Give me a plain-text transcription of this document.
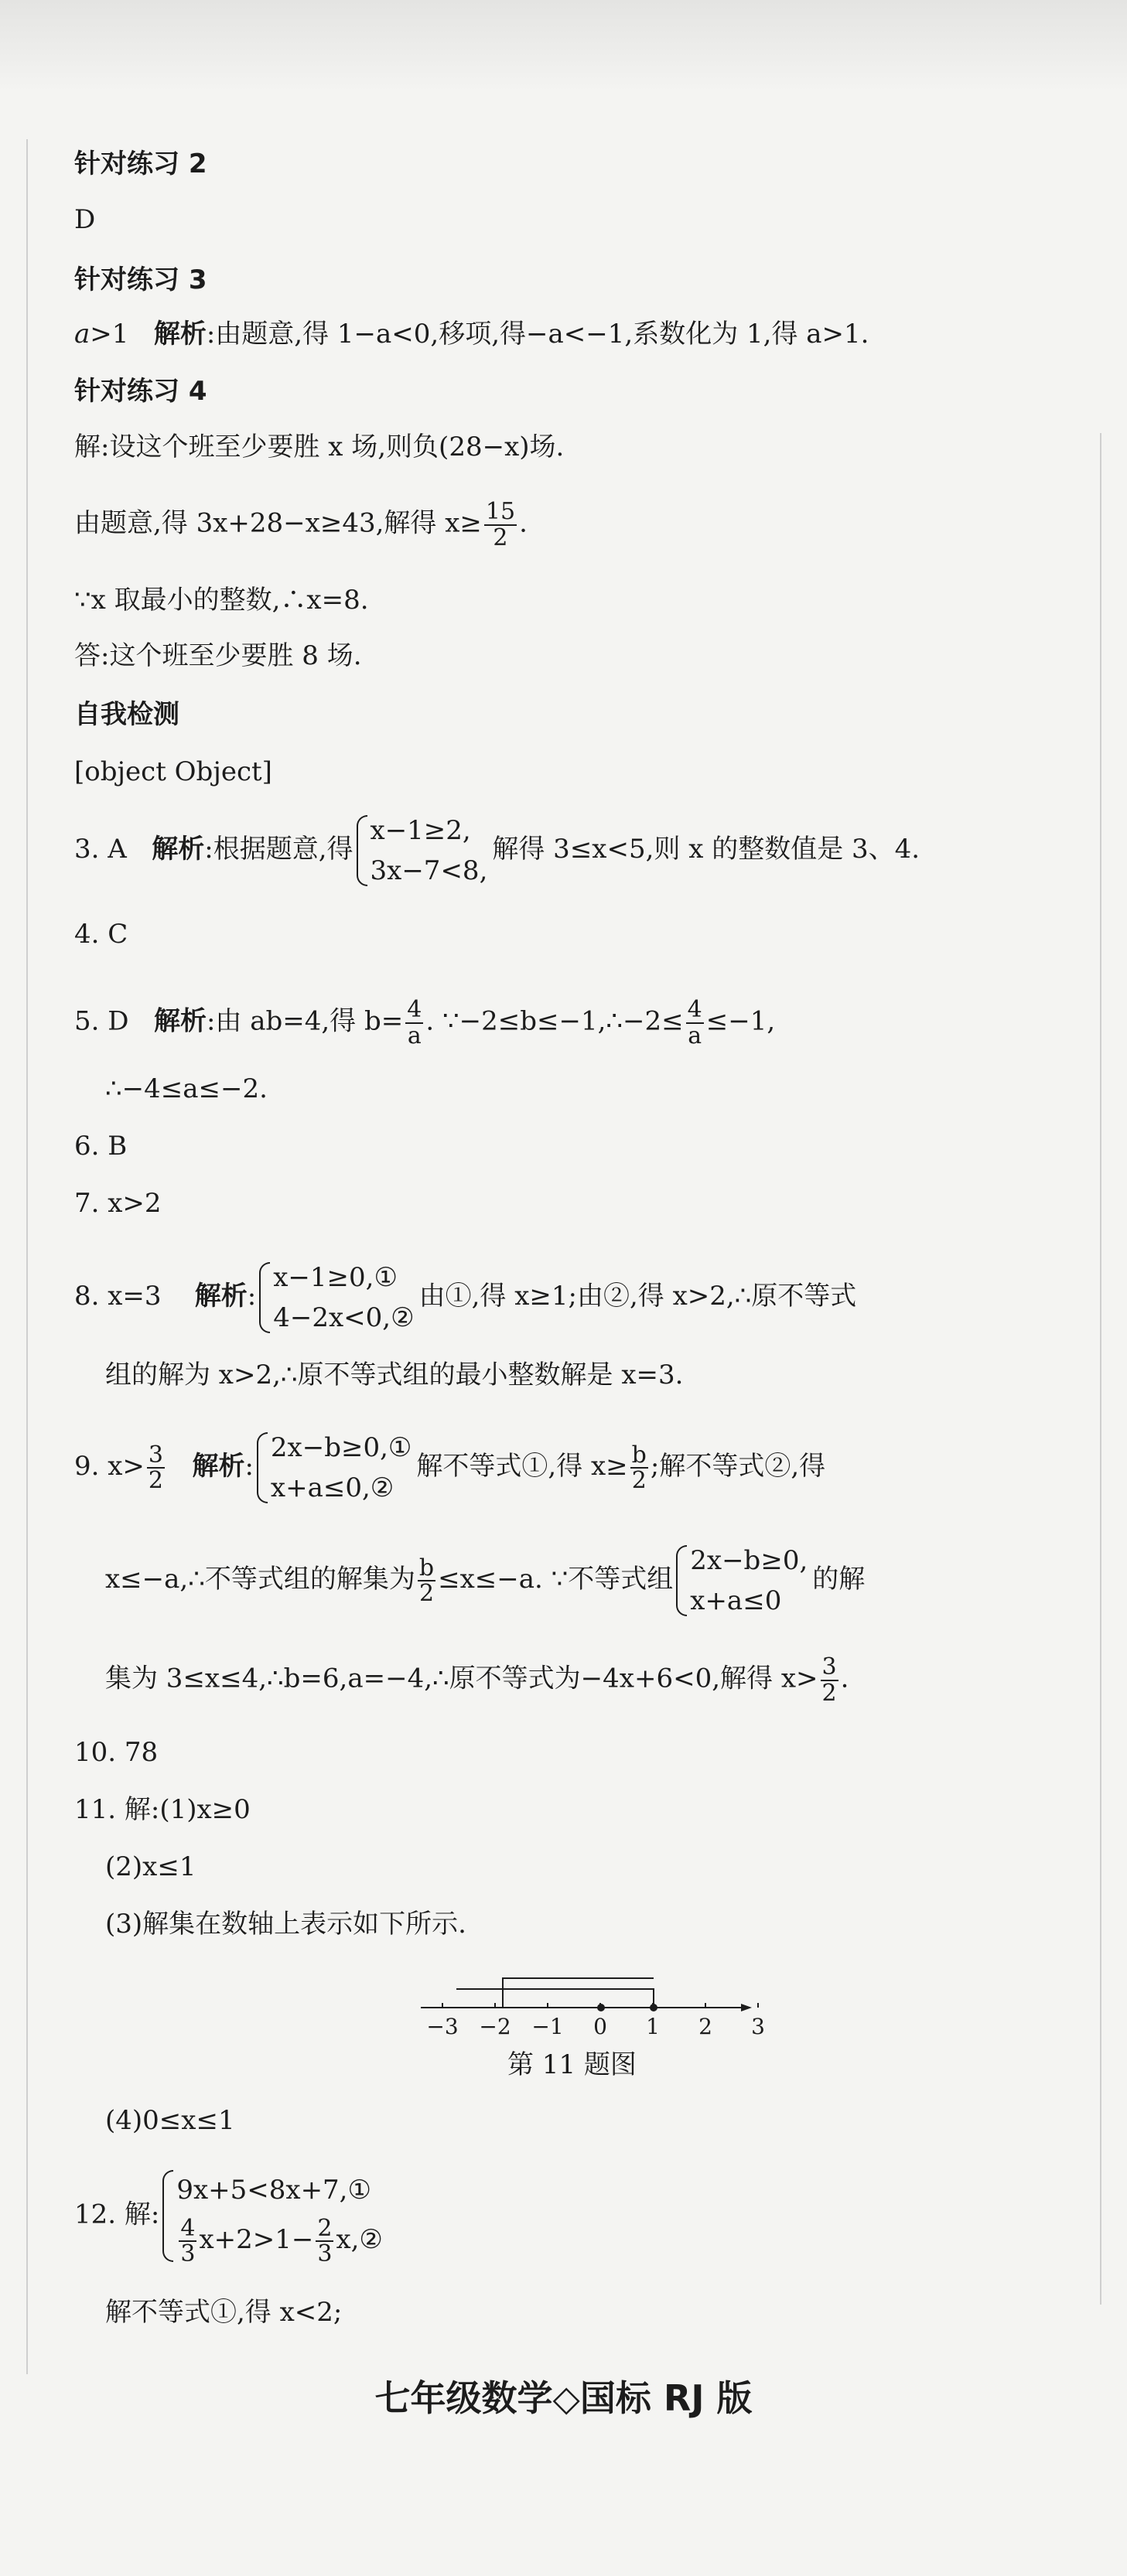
针对练习 2
D
针对练习 3
a>1 解析:由题意,得 1−a<0,移项,得−a<−1,系数化为 1,得 a>1.
针对练习 4
解:设这个班至少要胜 x 场,则负(28−x)场.
由题意,得 3x+28−x≥43,解得 $x\ge \frac{15}{2}$ .
∵x 取最小的整数,∴x=8.
答:这个班至少要胜 8 场.
自我检测
[object Object]
3. A 解析:根据题意,得
x−1≥2,
3x−7<8,
解得 3≤x<5,则 x 的整数值是 3、4.
4. C
5. D 解析:由 ab=4,得 $b= \frac{4}{a}$ . ∵−2≤b≤−1,∴−2≤ $\frac{4}{a} \le-1$,
∴−4≤a≤−2.
6. B
7. x>2
8. x=3 解析:
x−1≥0,①
4−2x<0,②
由①,得 x≥1;由②,得 x>2,∴原不等式
组的解为 x>2,∴原不等式组的最小整数解是 x=3.
9. $x> \frac{3}{2}$ 解析:
2x−b≥0,①
x+a≤0,②
解不等式①,得 $x\ge \frac{b}{2}$ ;解不等式②,得
x≤−a,∴不等式组的解集为 $\frac{b}{2} \le x\le-a$. ∵不等式组
2x−b≥0,
x+a≤0
的解
集为 3≤x≤4,∴b=6,a=−4,∴原不等式为−4x+6<0,解得 $x> \frac{3}{2}$ .
10. 78
11. 解:(1)x≥0
(2)x≤1
(3)解集在数轴上表示如下所示.
−3 −2 −1 0 1 2 3
第 11 题图
(4)0≤x≤1
12. 解:
9x+5<8x+7,①
$\frac{4}{3} x+2>1- \frac{2}{3}$ x,②
解不等式①,得 x<2;
七年级数学◇国标 RJ 版
